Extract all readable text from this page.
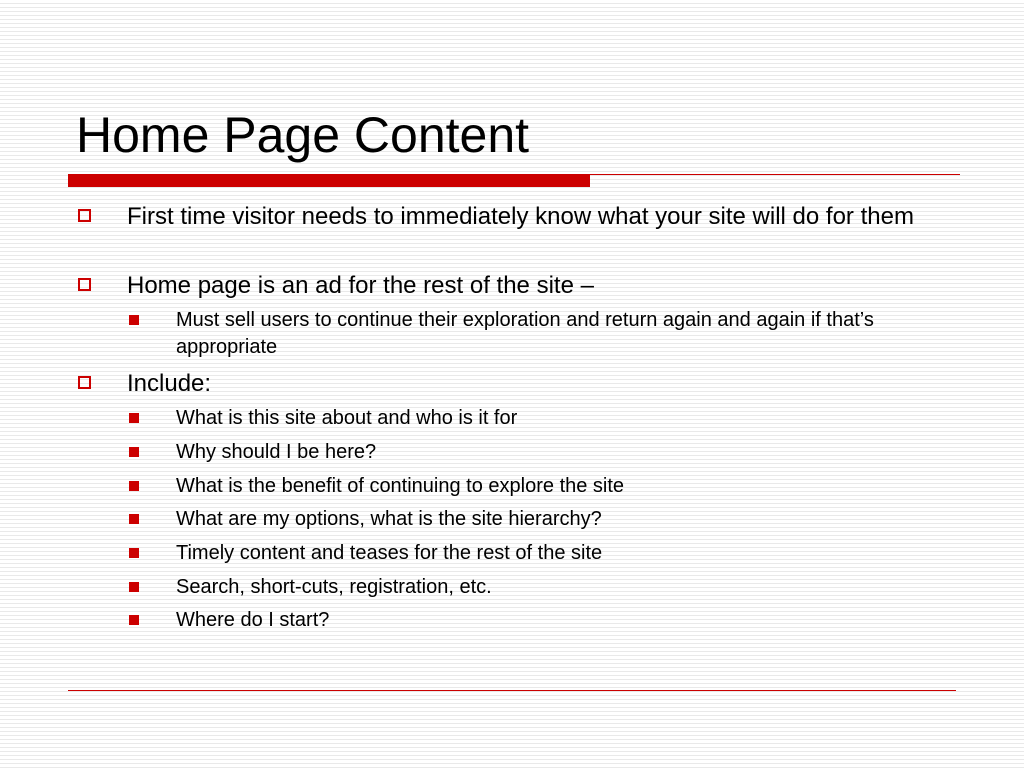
Home Page Content
First time visitor needs to immediately know what your site will do for them
Home page is an ad for the rest of the site –
Must sell users to continue their exploration and return again and again if that’s appropriate
Include:
What is this site about and who is it for
Why should I be here?
What is the benefit of continuing to explore the site
What are my options, what is the site hierarchy?
Timely content and teases for the rest of the site
Search, short-cuts, registration, etc.
Where do I start?
